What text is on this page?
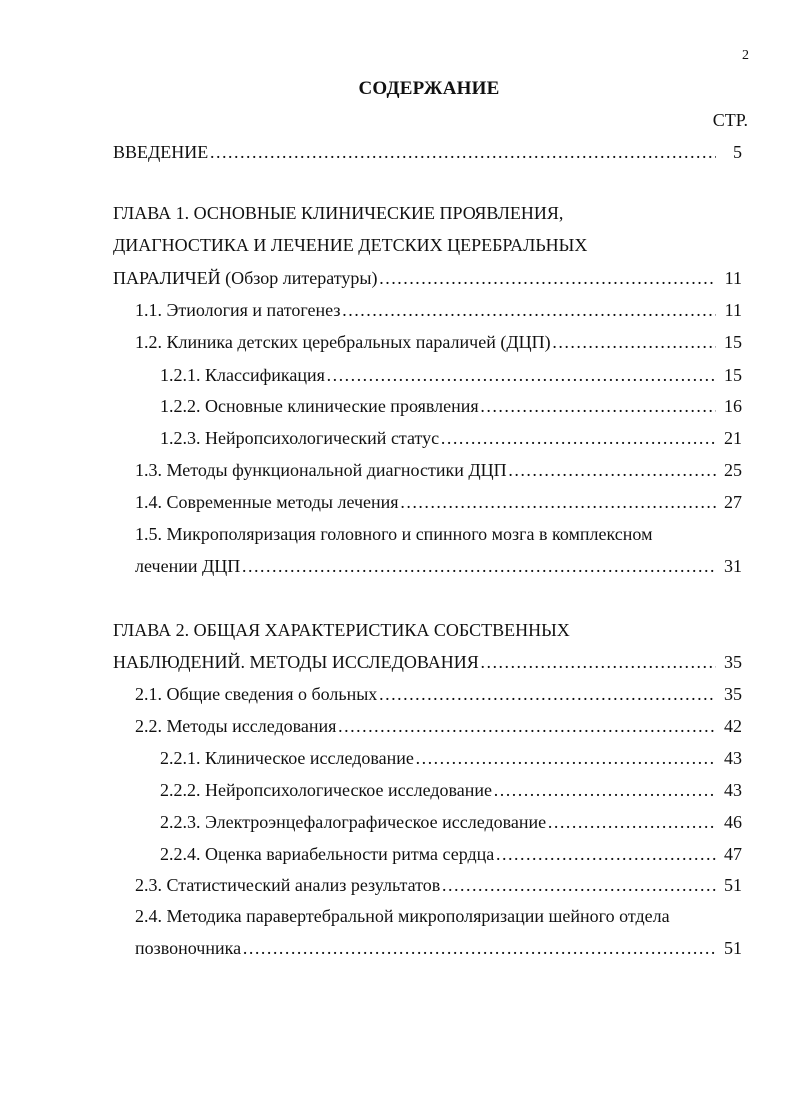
2
СОДЕРЖАНИЕ
СТР.
ВВЕДЕНИЕ ………………………………………………………………………………………………………………………………………………………………………………………………	5
ГЛАВА 1. ОСНОВНЫЕ КЛИНИЧЕСКИЕ ПРОЯВЛЕНИЯ,
ДИАГНОСТИКА И ЛЕЧЕНИЕ ДЕТСКИХ ЦЕРЕБРАЛЬНЫХ
ПАРАЛИЧЕЙ (Обзор литературы) ………………………………………………………………………………………………………………………………………………………………………………………………	11
1.1. Этиология и патогенез ………………………………………………………………………………………………………………………………………………………………………………………………	11
1.2. Клиника детских церебральных параличей (ДЦП) ………………………………………………………………………………………………………………………………………………………………………………………………	15
1.2.1. Классификация ………………………………………………………………………………………………………………………………………………………………………………………………	15
1.2.2. Основные клинические проявления ………………………………………………………………………………………………………………………………………………………………………………………………	16
1.2.3. Нейропсихологический статус ………………………………………………………………………………………………………………………………………………………………………………………………	21
1.3. Методы функциональной диагностики ДЦП ………………………………………………………………………………………………………………………………………………………………………………………………	25
1.4. Современные методы лечения ………………………………………………………………………………………………………………………………………………………………………………………………	27
1.5. Микрополяризация головного и спинного мозга в комплексном
лечении ДЦП ………………………………………………………………………………………………………………………………………………………………………………………………	31
ГЛАВА 2. ОБЩАЯ ХАРАКТЕРИСТИКА СОБСТВЕННЫХ
НАБЛЮДЕНИЙ. МЕТОДЫ ИССЛЕДОВАНИЯ ………………………………………………………………………………………………………………………………………………………………………………………………	35
2.1. Общие сведения о больных ………………………………………………………………………………………………………………………………………………………………………………………………	35
2.2. Методы исследования ………………………………………………………………………………………………………………………………………………………………………………………………	42
2.2.1. Клиническое исследование ………………………………………………………………………………………………………………………………………………………………………………………………	43
2.2.2. Нейропсихологическое исследование ………………………………………………………………………………………………………………………………………………………………………………………………	43
2.2.3. Электроэнцефалографическое исследование ………………………………………………………………………………………………………………………………………………………………………………………………	46
2.2.4. Оценка вариабельности ритма сердца ………………………………………………………………………………………………………………………………………………………………………………………………	47
2.3. Статистический анализ результатов ………………………………………………………………………………………………………………………………………………………………………………………………	51
2.4. Методика паравертебральной микрополяризации шейного отдела
позвоночника ………………………………………………………………………………………………………………………………………………………………………………………………	51
